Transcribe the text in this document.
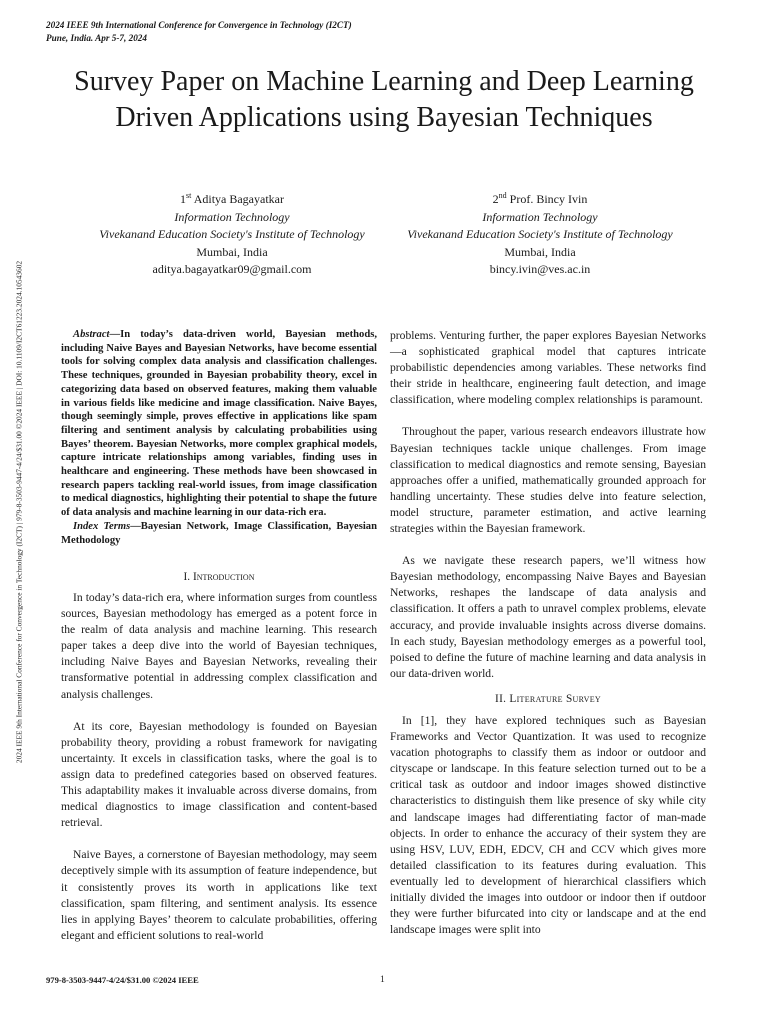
2024 IEEE 9th International Conference for Convergence in Technology (I2CT)
Pune, India. Apr 5-7, 2024
2024 IEEE 9th International Conference for Convergence in Technology (I2CT) | 979-8-3503-9447-4/24/$31.00 ©2024 IEEE | DOI: 10.1109/I2CT61223.2024.10543602
Survey Paper on Machine Learning and Deep Learning Driven Applications using Bayesian Techniques
1st Aditya Bagayatkar
Information Technology
Vivekanand Education Society's Institute of Technology
Mumbai, India
aditya.bagayatkar09@gmail.com
2nd Prof. Bincy Ivin
Information Technology
Vivekanand Education Society's Institute of Technology
Mumbai, India
bincy.ivin@ves.ac.in

Abstract—In today’s data-driven world, Bayesian methods, including Naive Bayes and Bayesian Networks, have become essential tools for solving complex data analysis and classification challenges. These techniques, grounded in Bayesian probability theory, excel in categorizing data based on observed features, making them valuable in various fields like medicine and image classification. Naive Bayes, though seemingly simple, proves effective in applications like spam filtering and sentiment analysis by calculating probabilities using Bayes’ theorem. Bayesian Networks, more complex graphical models, capture intricate relationships among variables, finding uses in healthcare and engineering. These methods have been showcased in research papers tackling real-world issues, from image classification to medical diagnostics, highlighting their potential to shape the future of data analysis and machine learning in our data-rich era.

Index Terms—Bayesian Network, Image Classification, Bayesian Methodology

I. Introduction

In today’s data-rich era, where information surges from countless sources, Bayesian methodology has emerged as a potent force in the realm of data analysis and machine learning. This research paper takes a deep dive into the world of Bayesian techniques, including Naive Bayes and Bayesian Networks, revealing their transformative potential in addressing complex classification and analysis challenges.

At its core, Bayesian methodology is founded on Bayesian probability theory, providing a robust framework for navigating uncertainty. It excels in classification tasks, where the goal is to assign data to predefined categories based on observed features. This adaptability makes it invaluable across diverse domains, from medical diagnostics to image classification and content-based retrieval.

Naive Bayes, a cornerstone of Bayesian methodology, may seem deceptively simple with its assumption of feature independence, but it consistently proves its worth in applications like text classification, spam filtering, and sentiment analysis. Its essence lies in applying Bayes’ theorem to calculate probabilities, offering elegant and efficient solutions to real-world

problems. Venturing further, the paper explores Bayesian Networks—a sophisticated graphical model that captures intricate probabilistic dependencies among variables. These networks find their stride in healthcare, engineering fault detection, and image classification, where modeling complex relationships is paramount.

Throughout the paper, various research endeavors illustrate how Bayesian techniques tackle unique challenges. From image classification to medical diagnostics and remote sensing, Bayesian approaches offer a unified, mathematically grounded approach for handling uncertainty. These studies delve into feature selection, model structure, parameter estimation, and active learning strategies within the Bayesian framework.

As we navigate these research papers, we’ll witness how Bayesian methodology, encompassing Naive Bayes and Bayesian Networks, reshapes the landscape of data analysis and classification. It offers a path to unravel complex problems, elevate accuracy, and provide invaluable insights across diverse domains. In each study, Bayesian methodology emerges as a powerful tool, poised to define the future of machine learning and data analysis in our data-driven world.

II. Literature Survey

In [1], they have explored techniques such as Bayesian Frameworks and Vector Quantization. It was used to recognize vacation photographs to classify them as indoor or outdoor and cityscape or landscape. In this feature selection turned out to be a critical task as outdoor and indoor images showed distinctive characteristics to distinguish them like presence of sky while city and landscape images had differentiating factor of man-made objects. In order to enhance the accuracy of their system they are using HSV, LUV, EDH, EDCV, CH and CCV which gives more detailed classification to its features during evaluation. This eventually led to development of hierarchical classifiers which initially divided the images into outdoor or indoor then if outdoor they were further bifurcated into city or landscape and at the end landscape images were split into

979-8-3503-9447-4/24/$31.00 ©2024 IEEE	1
